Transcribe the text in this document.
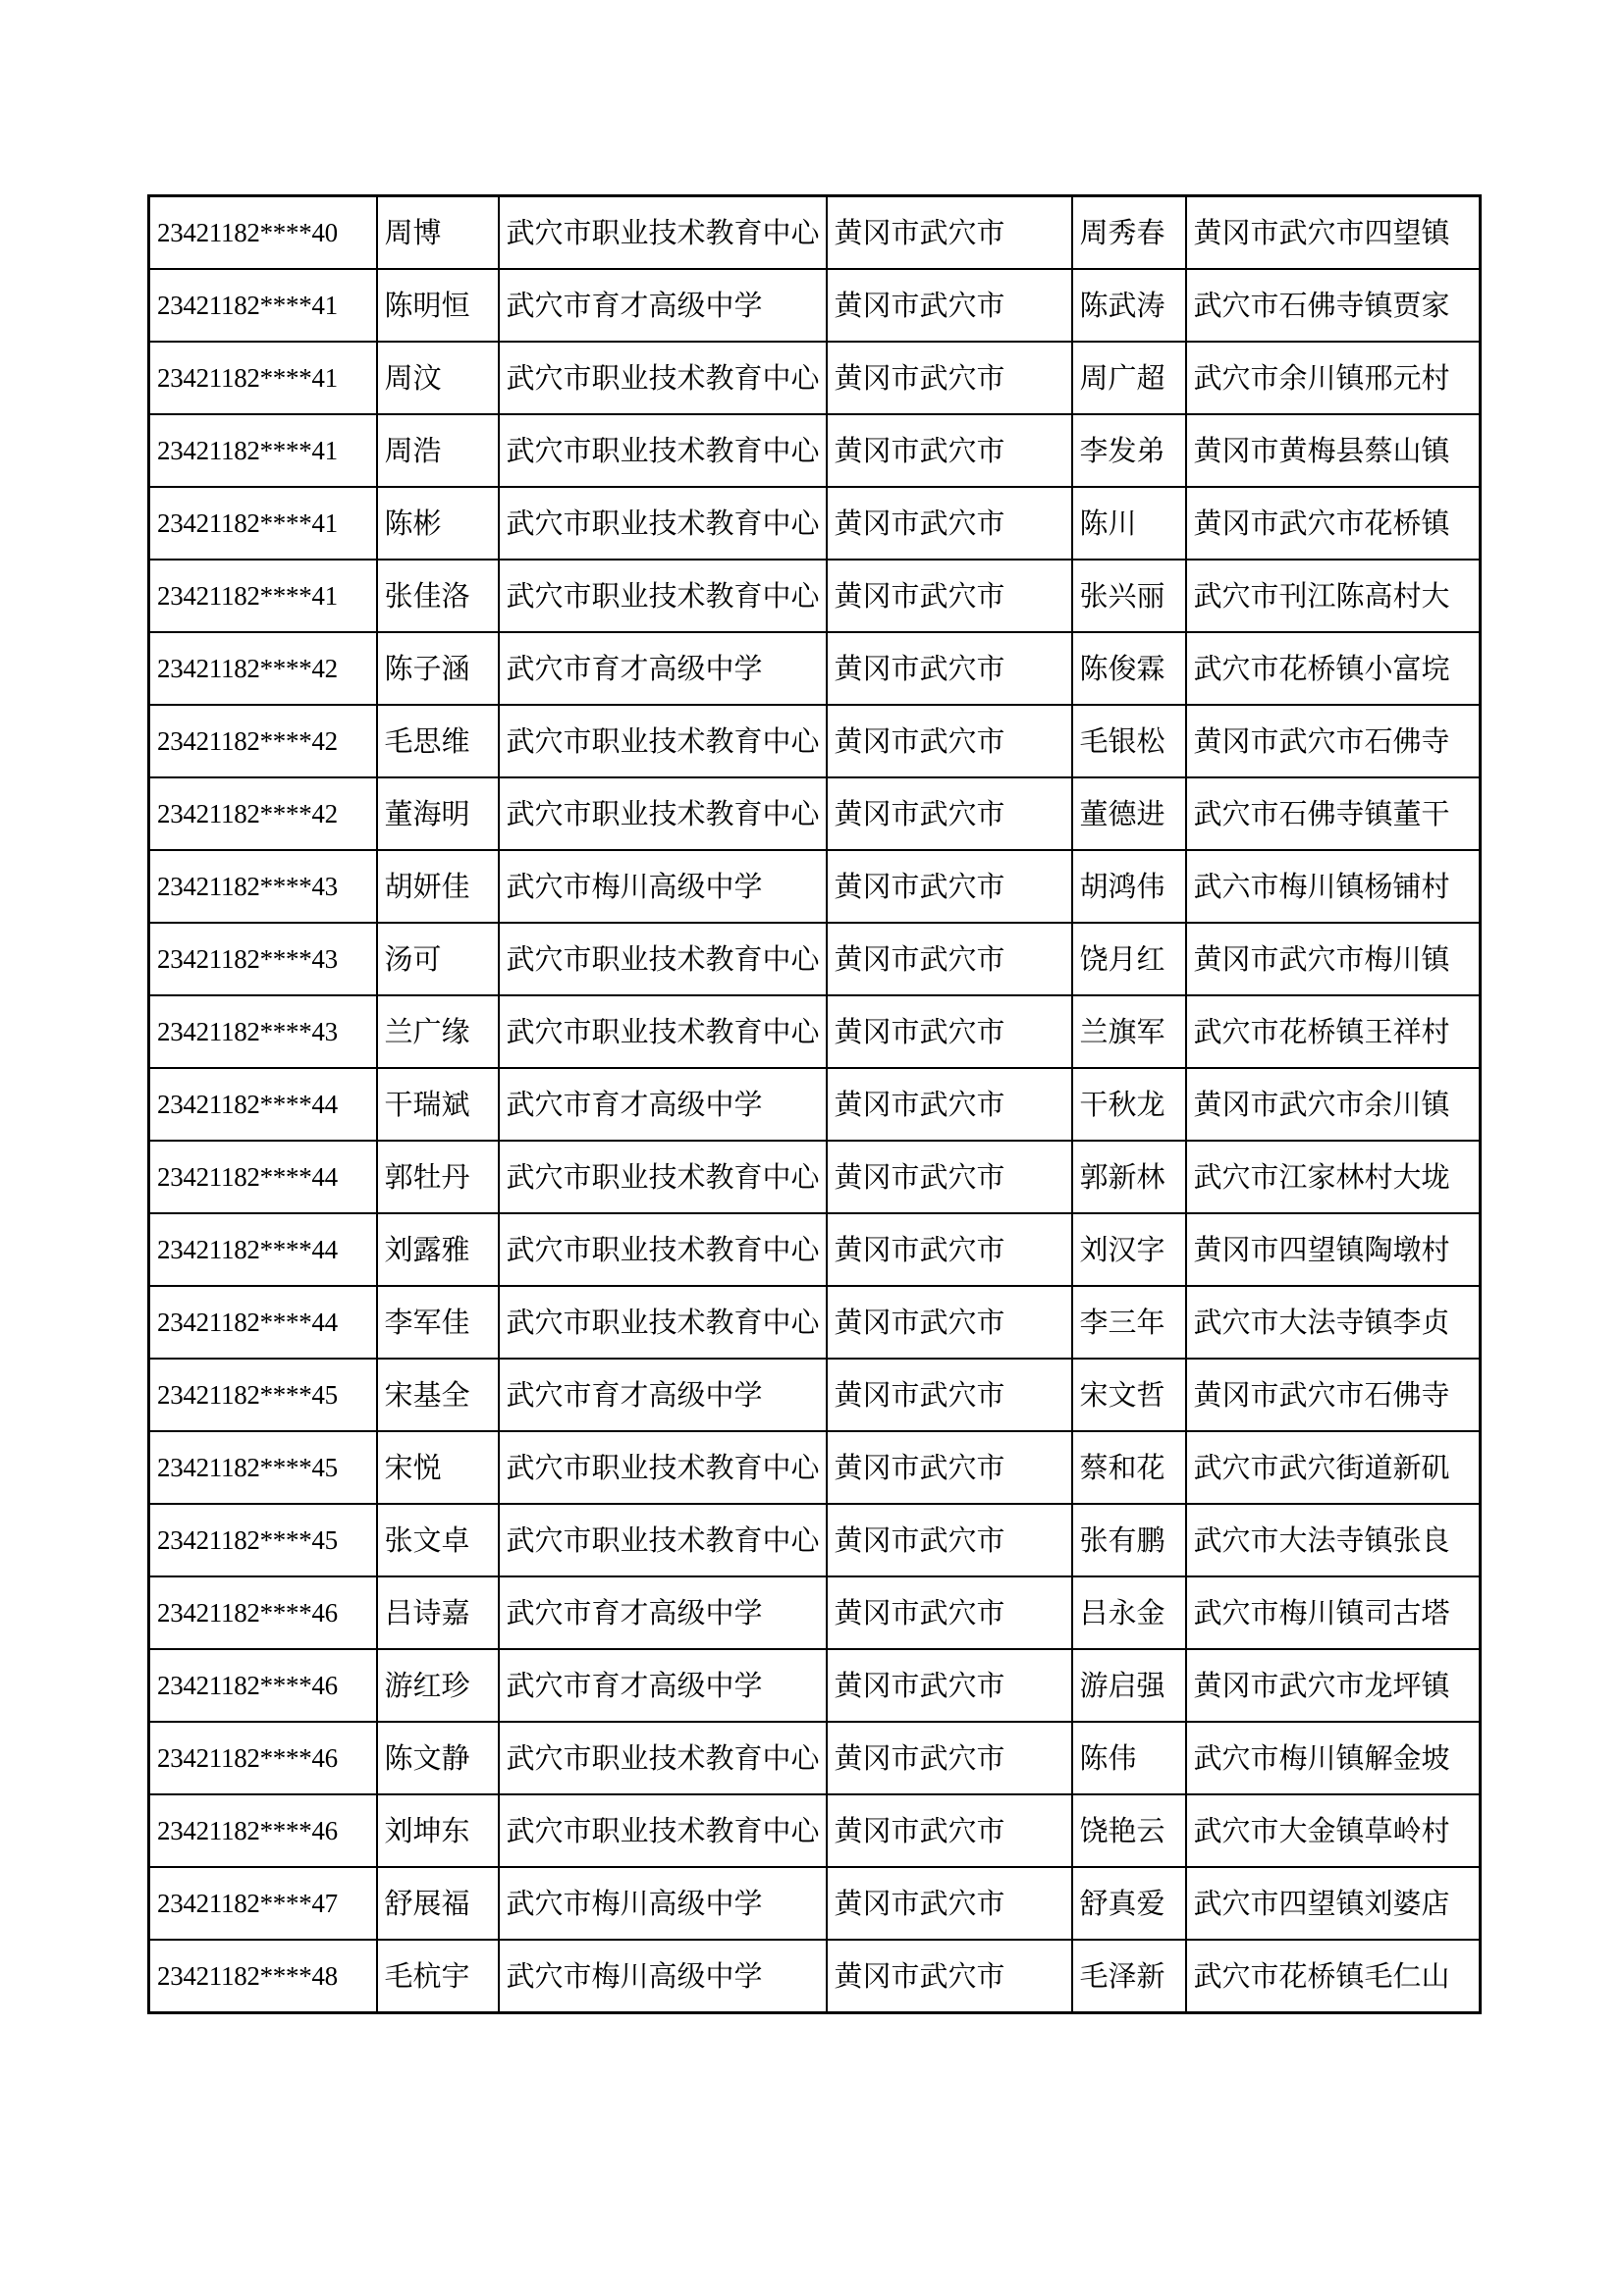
23421182****40	周博	武穴市职业技术教育中心	黄冈市武穴市	周秀春	黄冈市武穴市四望镇
23421182****41	陈明恒	武穴市育才高级中学	黄冈市武穴市	陈武涛	武穴市石佛寺镇贾家
23421182****41	周汶	武穴市职业技术教育中心	黄冈市武穴市	周广超	武穴市余川镇邢元村
23421182****41	周浩	武穴市职业技术教育中心	黄冈市武穴市	李发弟	黄冈市黄梅县蔡山镇
23421182****41	陈彬	武穴市职业技术教育中心	黄冈市武穴市	陈川	黄冈市武穴市花桥镇
23421182****41	张佳洛	武穴市职业技术教育中心	黄冈市武穴市	张兴丽	武穴市刊江陈高村大
23421182****42	陈子涵	武穴市育才高级中学	黄冈市武穴市	陈俊霖	武穴市花桥镇小富垸
23421182****42	毛思维	武穴市职业技术教育中心	黄冈市武穴市	毛银松	黄冈市武穴市石佛寺
23421182****42	董海明	武穴市职业技术教育中心	黄冈市武穴市	董德进	武穴市石佛寺镇董干
23421182****43	胡妍佳	武穴市梅川高级中学	黄冈市武穴市	胡鸿伟	武六市梅川镇杨铺村
23421182****43	汤可	武穴市职业技术教育中心	黄冈市武穴市	饶月红	黄冈市武穴市梅川镇
23421182****43	兰广缘	武穴市职业技术教育中心	黄冈市武穴市	兰旗军	武穴市花桥镇王祥村
23421182****44	干瑞斌	武穴市育才高级中学	黄冈市武穴市	干秋龙	黄冈市武穴市余川镇
23421182****44	郭牡丹	武穴市职业技术教育中心	黄冈市武穴市	郭新林	武穴市江家林村大垅
23421182****44	刘露雅	武穴市职业技术教育中心	黄冈市武穴市	刘汉字	黄冈市四望镇陶墩村
23421182****44	李军佳	武穴市职业技术教育中心	黄冈市武穴市	李三年	武穴市大法寺镇李贞
23421182****45	宋基全	武穴市育才高级中学	黄冈市武穴市	宋文哲	黄冈市武穴市石佛寺
23421182****45	宋悦	武穴市职业技术教育中心	黄冈市武穴市	蔡和花	武穴市武穴街道新矶
23421182****45	张文卓	武穴市职业技术教育中心	黄冈市武穴市	张有鹏	武穴市大法寺镇张良
23421182****46	吕诗嘉	武穴市育才高级中学	黄冈市武穴市	吕永金	武穴市梅川镇司古塔
23421182****46	游红珍	武穴市育才高级中学	黄冈市武穴市	游启强	黄冈市武穴市龙坪镇
23421182****46	陈文静	武穴市职业技术教育中心	黄冈市武穴市	陈伟	武穴市梅川镇解金坡
23421182****46	刘坤东	武穴市职业技术教育中心	黄冈市武穴市	饶艳云	武穴市大金镇草岭村
23421182****47	舒展福	武穴市梅川高级中学	黄冈市武穴市	舒真爱	武穴市四望镇刘婆店
23421182****48	毛杭宇	武穴市梅川高级中学	黄冈市武穴市	毛泽新	武穴市花桥镇毛仁山
